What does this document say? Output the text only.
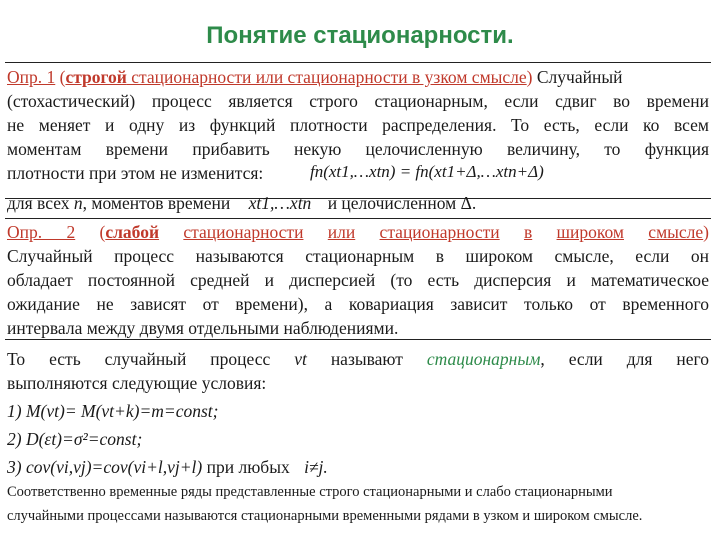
Понятие стационарности.
Опр. 1 (строгой стационарности или стационарности в узком смысле) Случайный
(стохастический) процесс является строго стационарным, если сдвиг во времени
не меняет и одну из функций плотности распределения. То есть, если ко всем
моментам времени прибавить некую целочисленную величину, то функция
плотности при этом не изменится:	fn(xt1,…xtn) = fn(xt1+Δ,…xtn+Δ)
для всех n, моментов времени xt1,…xtn и целочисленном Δ.
Опр. 2 (слабой стационарности или стационарности в широком смысле)
Случайный процесс называются стационарным в широком смысле, если он
обладает постоянной средней и дисперсией (то есть дисперсия и математическое
ожидание не зависят от времени), а ковариация зависит только от временного
интервала между двумя отдельными наблюдениями.
То есть случайный процесс vt называют стационарным, если для него
выполняются следующие условия:
1) M(vt)= M(vt+k)=m=const;
2) D(εt)=σ²=const;
3) cov(vi,vj)=cov(vi+l,vj+l) при любых i≠j.
Соответственно временные ряды представленные строго стационарными и слабо стационарными
случайными процессами называются стационарными временными рядами в узком и широком смысле.
